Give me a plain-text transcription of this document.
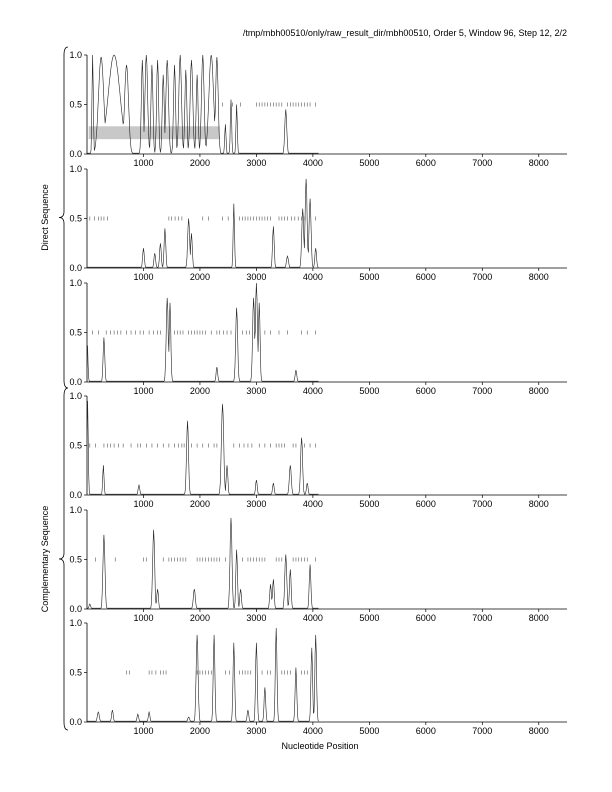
/tmp/mbh00510/only/raw_result_dir/mbh00510, Order 5, Window 96, Step 12, 2/2
0.0
0.5
1.0
1000	2000	3000	4000	5000	6000	7000	8000
0.0
0.5
1.0
1000	2000	3000	4000	5000	6000	7000	8000
0.0
0.5
1.0
1000	2000	3000	4000	5000	6000	7000	8000
0.0
0.5
1.0
1000	2000	3000	4000	5000	6000	7000	8000
0.0
0.5
1.0
1000	2000	3000	4000	5000	6000	7000	8000
0.0
0.5
1.0
1000	2000	3000	4000	5000	6000	7000	8000
Direct Sequence
Complementary Sequence
Nucleotide Position
